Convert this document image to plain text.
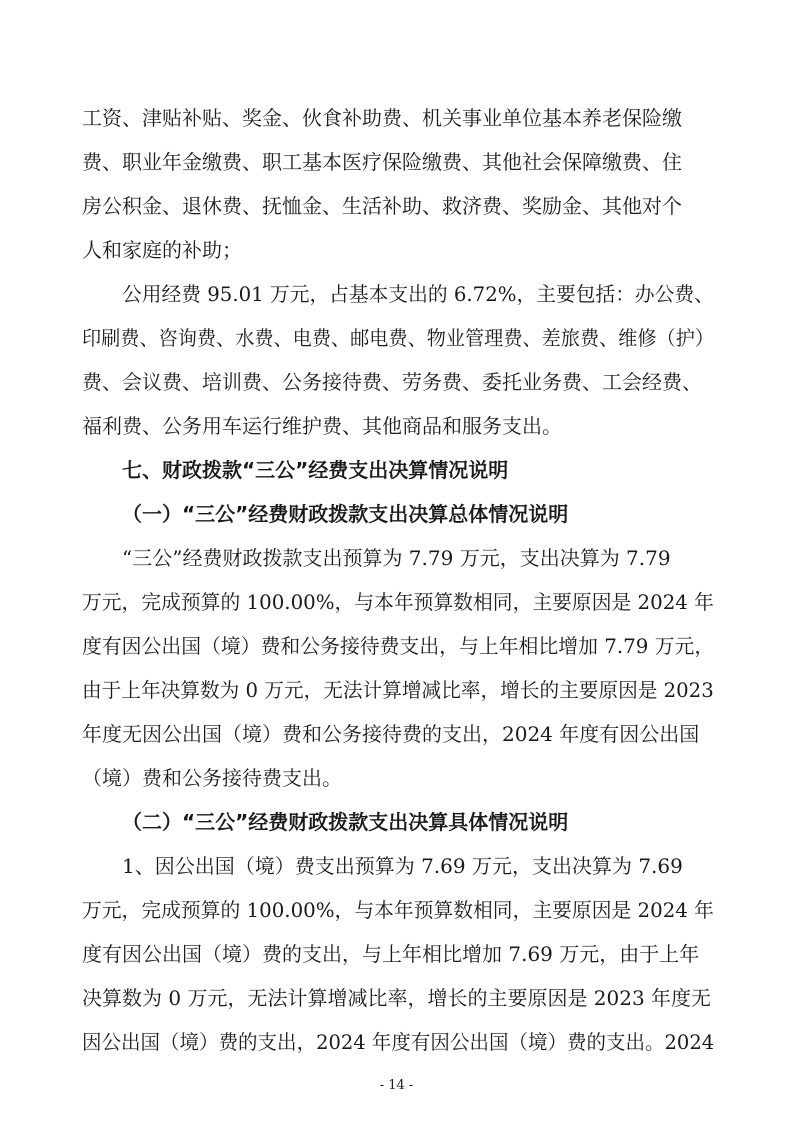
工资、津贴补贴、奖金、伙食补助费、机关事业单位基本养老保险缴
费、职业年金缴费、职工基本医疗保险缴费、其他社会保障缴费、住
房公积金、退休费、抚恤金、生活补助、救济费、奖励金、其他对个
人和家庭的补助；
公用经费 95.01 万元，占基本支出的 6.72%，主要包括：办公费、
印刷费、咨询费、水费、电费、邮电费、物业管理费、差旅费、维修（护）
费、会议费、培训费、公务接待费、劳务费、委托业务费、工会经费、
福利费、公务用车运行维护费、其他商品和服务支出。
七、财政拨款“三公”经费支出决算情况说明
（一）“三公”经费财政拨款支出决算总体情况说明
“三公”经费财政拨款支出预算为 7.79 万元，支出决算为 7.79
万元，完成预算的 100.00%，与本年预算数相同，主要原因是 2024 年
度有因公出国（境）费和公务接待费支出，与上年相比增加 7.79 万元，
由于上年决算数为 0 万元，无法计算增减比率，增长的主要原因是 2023
年度无因公出国（境）费和公务接待费的支出，2024 年度有因公出国
（境）费和公务接待费支出。
（二）“三公”经费财政拨款支出决算具体情况说明
1、因公出国（境）费支出预算为 7.69 万元，支出决算为 7.69
万元，完成预算的 100.00%，与本年预算数相同，主要原因是 2024 年
度有因公出国（境）费的支出，与上年相比增加 7.69 万元，由于上年
决算数为 0 万元，无法计算增减比率，增长的主要原因是 2023 年度无
因公出国（境）费的支出，2024 年度有因公出国（境）费的支出。2024
- 14 -
